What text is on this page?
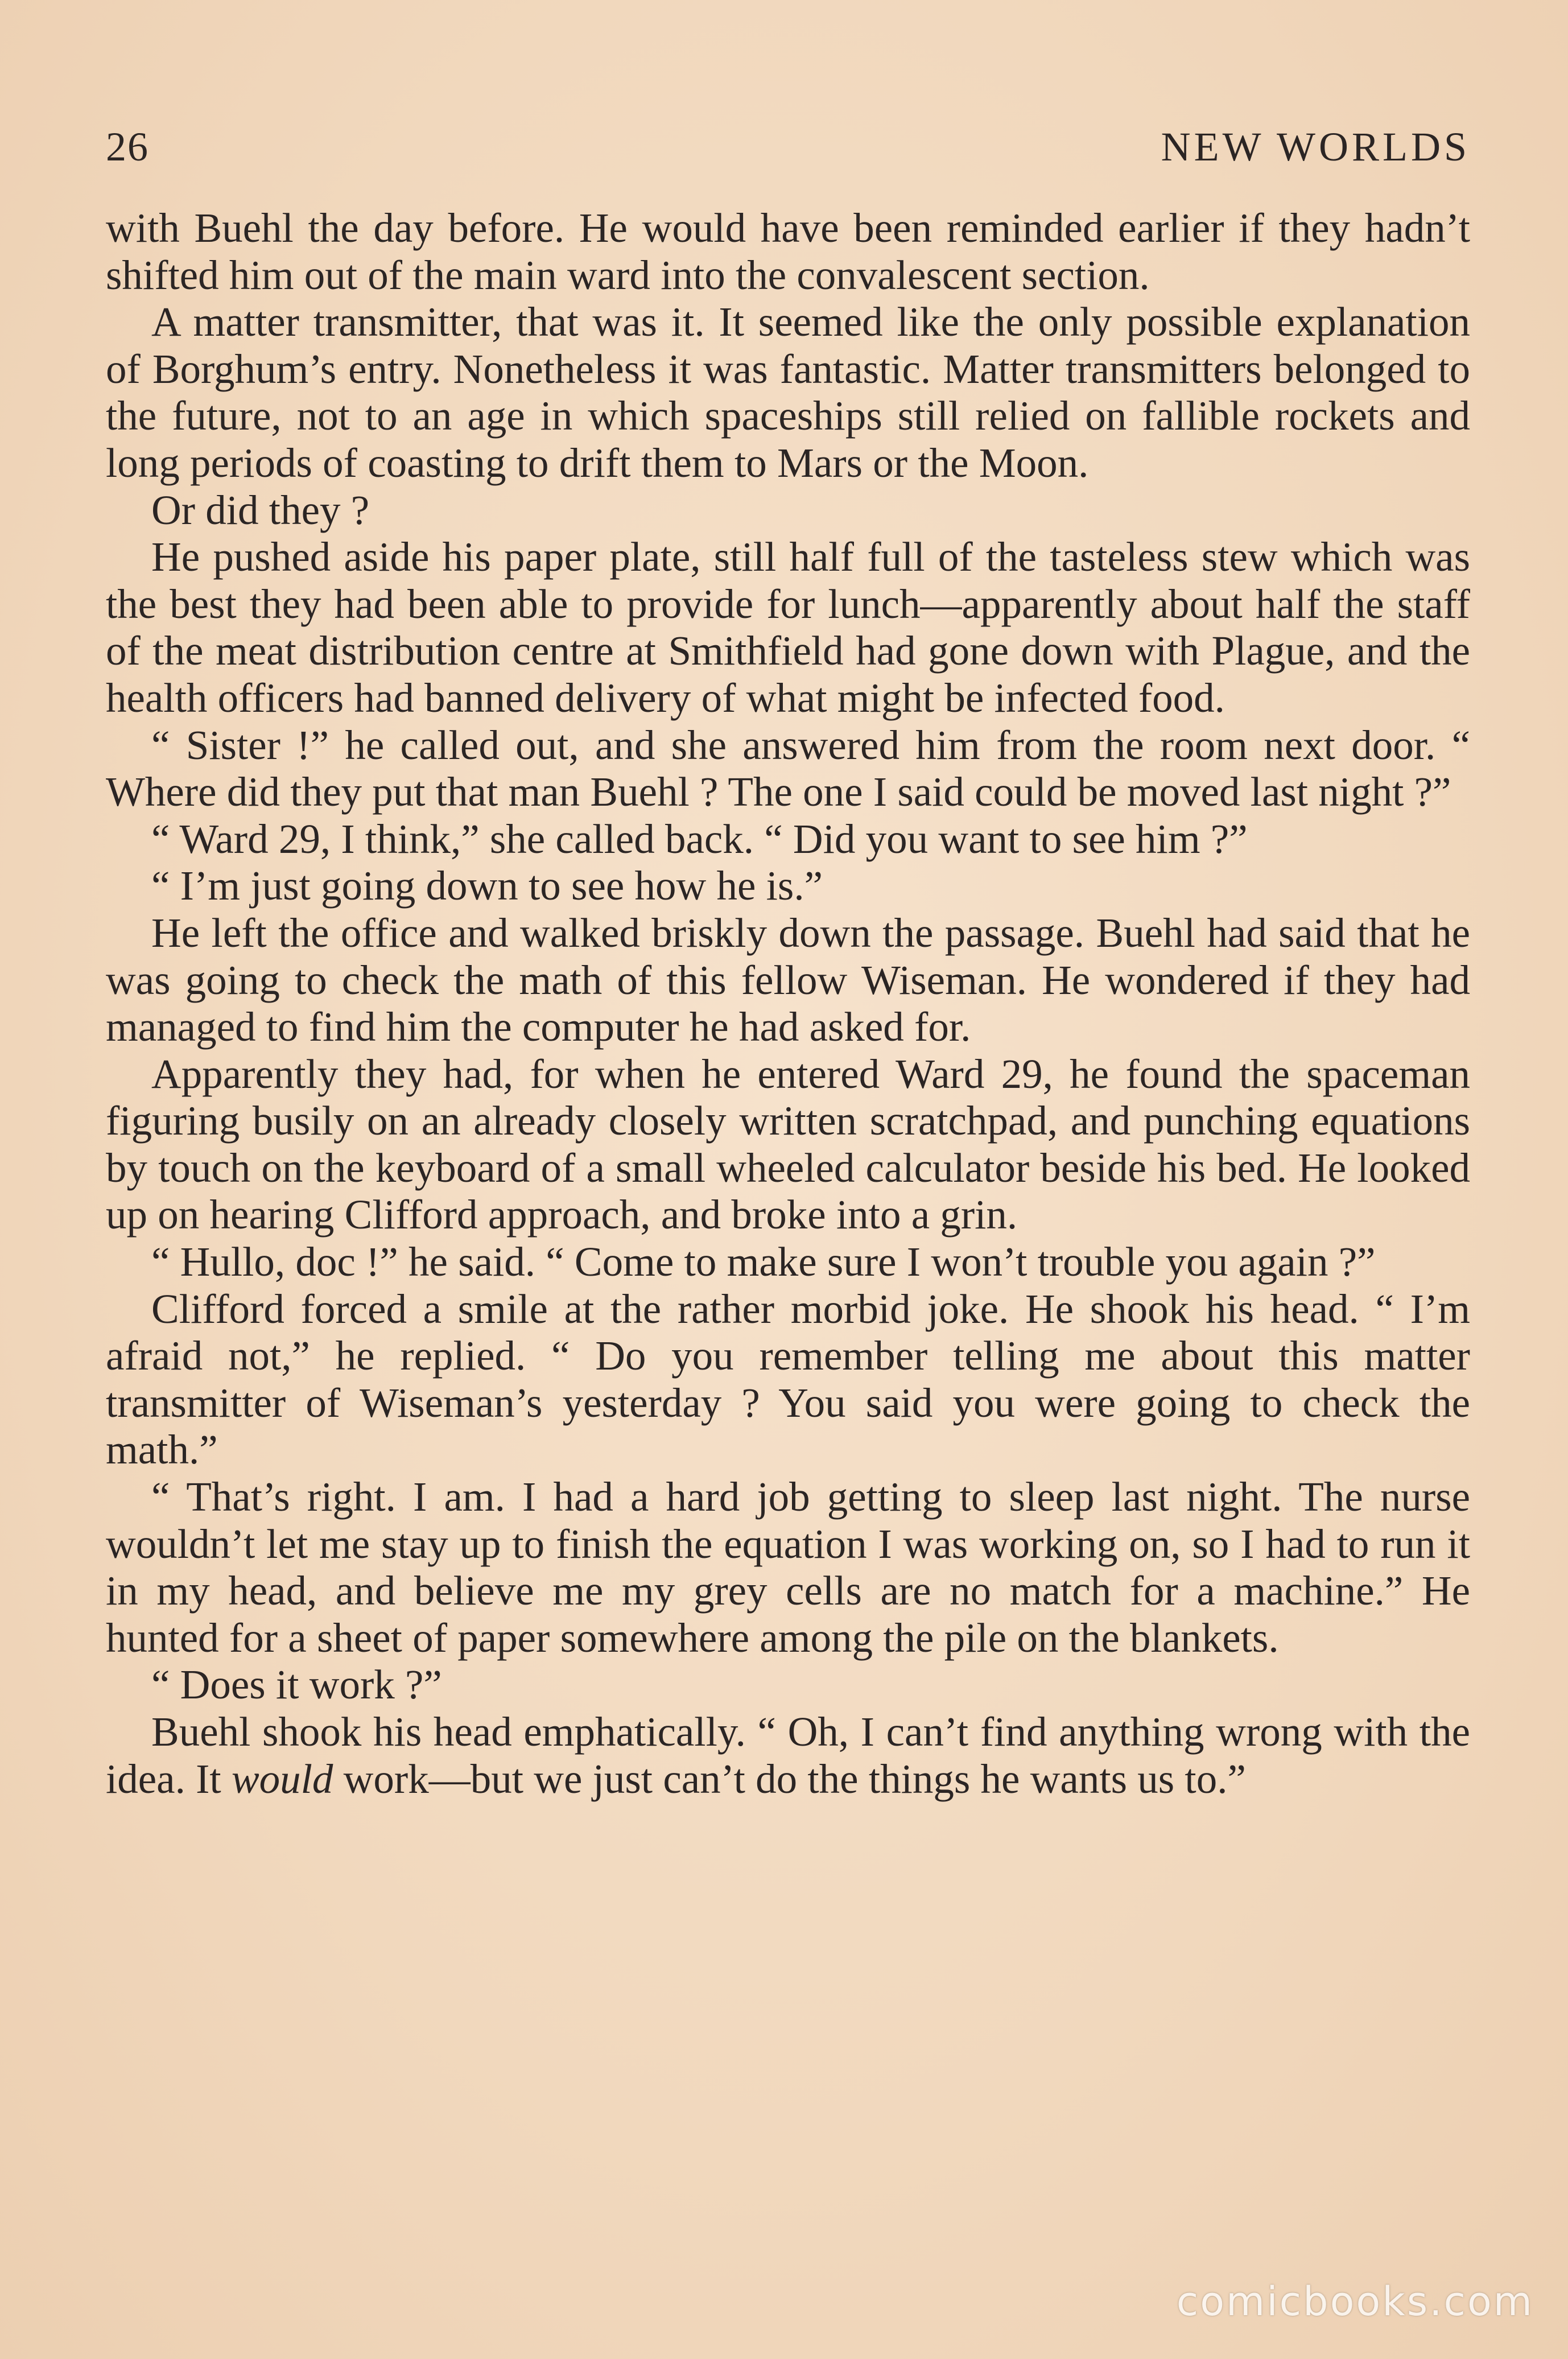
26	NEW WORLDS

with Buehl the day before. He would have been reminded earlier if they hadn’t shifted him out of the main ward into the convalescent section.

A matter transmitter, that was it. It seemed like the only possible explanation of Borghum’s entry. Nonetheless it was fantastic. Matter transmitters belonged to the future, not to an age in which spaceships still relied on fallible rockets and long periods of coasting to drift them to Mars or the Moon.

Or did they ?

He pushed aside his paper plate, still half full of the tasteless stew which was the best they had been able to provide for lunch—apparently about half the staff of the meat distribution centre at Smithfield had gone down with Plague, and the health officers had banned delivery of what might be infected food.

“ Sister !” he called out, and she answered him from the room next door. “ Where did they put that man Buehl ? The one I said could be moved last night ?”

“ Ward 29, I think,” she called back. “ Did you want to see him ?”

“ I’m just going down to see how he is.”

He left the office and walked briskly down the passage. Buehl had said that he was going to check the math of this fellow Wiseman. He wondered if they had managed to find him the computer he had asked for.

Apparently they had, for when he entered Ward 29, he found the spaceman figuring busily on an already closely written scratchpad, and punching equations by touch on the keyboard of a small wheeled calculator beside his bed. He looked up on hearing Clifford approach, and broke into a grin.

“ Hullo, doc !” he said. “ Come to make sure I won’t trouble you again ?”

Clifford forced a smile at the rather morbid joke. He shook his head. “ I’m afraid not,” he replied. “ Do you remember telling me about this matter transmitter of Wiseman’s yesterday ? You said you were going to check the math.”

“ That’s right. I am. I had a hard job getting to sleep last night. The nurse wouldn’t let me stay up to finish the equation I was working on, so I had to run it in my head, and believe me my grey cells are no match for a machine.” He hunted for a sheet of paper somewhere among the pile on the blankets.

“ Does it work ?”

Buehl shook his head emphatically. “ Oh, I can’t find anything wrong with the idea. It would work—but we just can’t do the things he wants us to.”

comicbooks.com
